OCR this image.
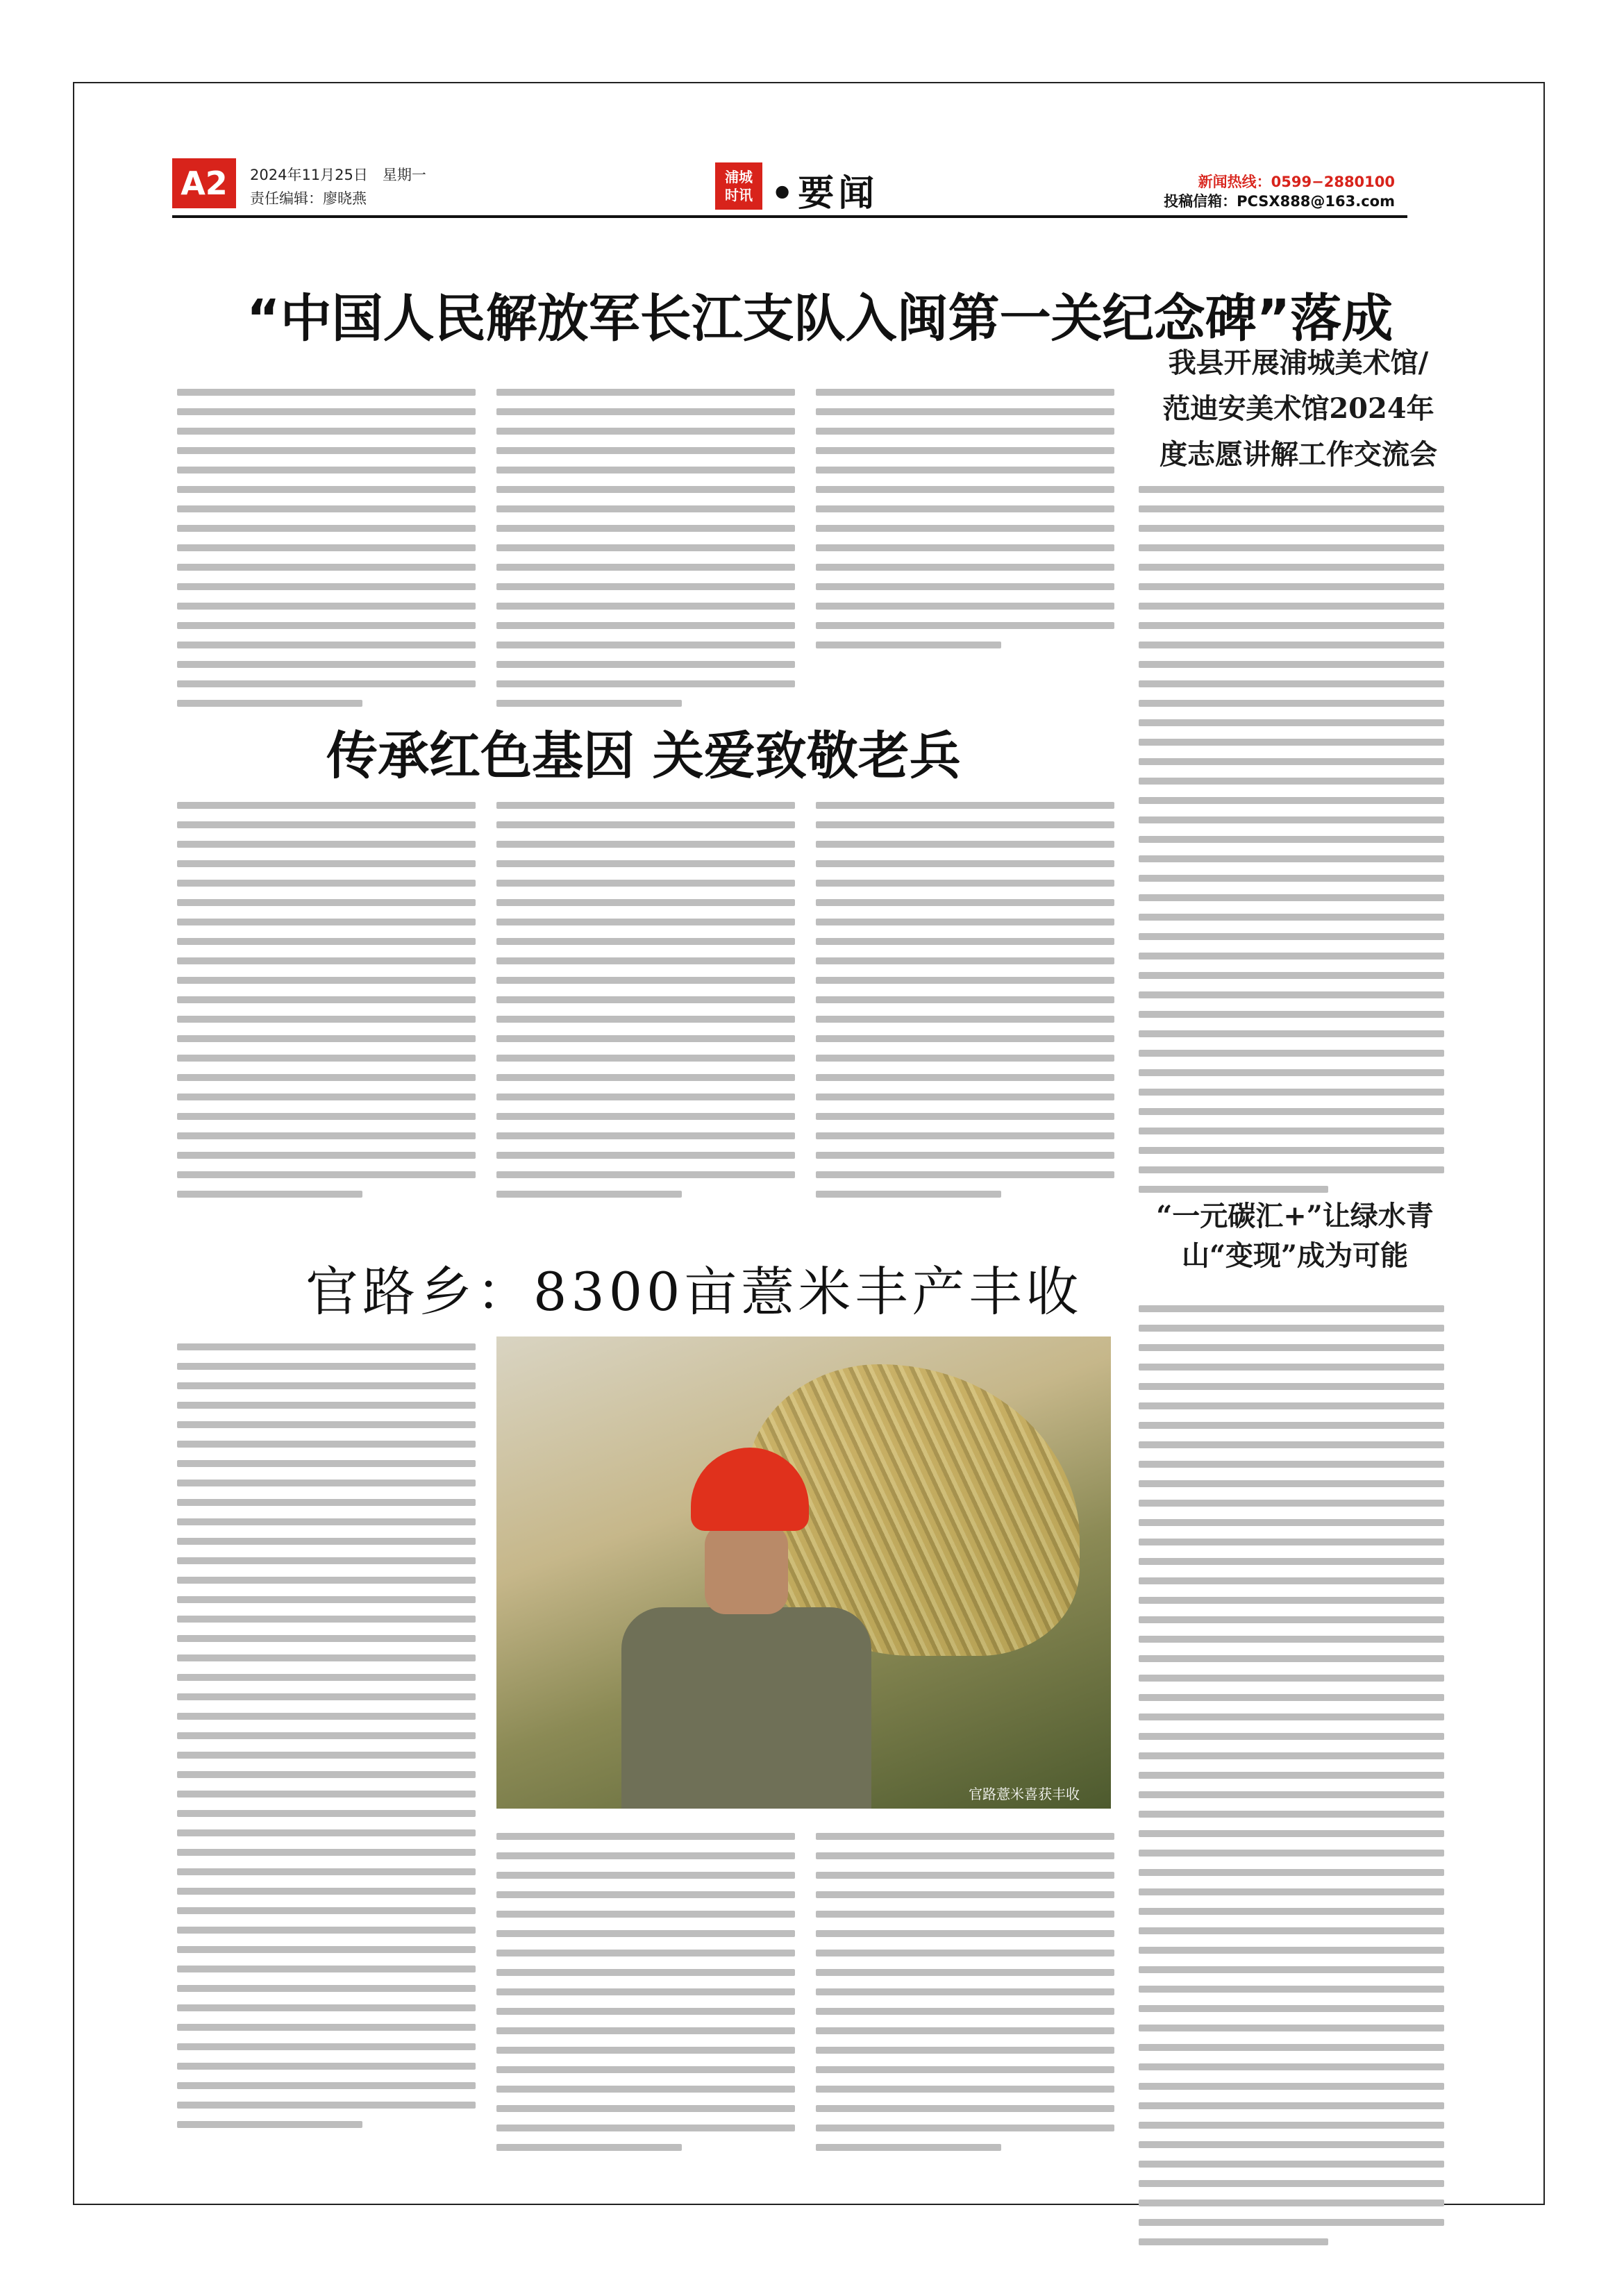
A2	2024年11月25日　星期一
责任编辑：廖晓燕
浦城
时讯 •要闻	新闻热线：0599−2880100
投稿信箱：PCSX888@163.com
“中国人民解放军长江支队入闽第一关纪念碑”落成
传承红色基因 关爱致敬老兵
官路乡：8300亩薏米丰产丰收
我县开展浦城美术馆/范迪安美术馆2024年度志愿讲解工作交流会
“一元碳汇+”让绿水青山“变现”成为可能
官路薏米喜获丰收
